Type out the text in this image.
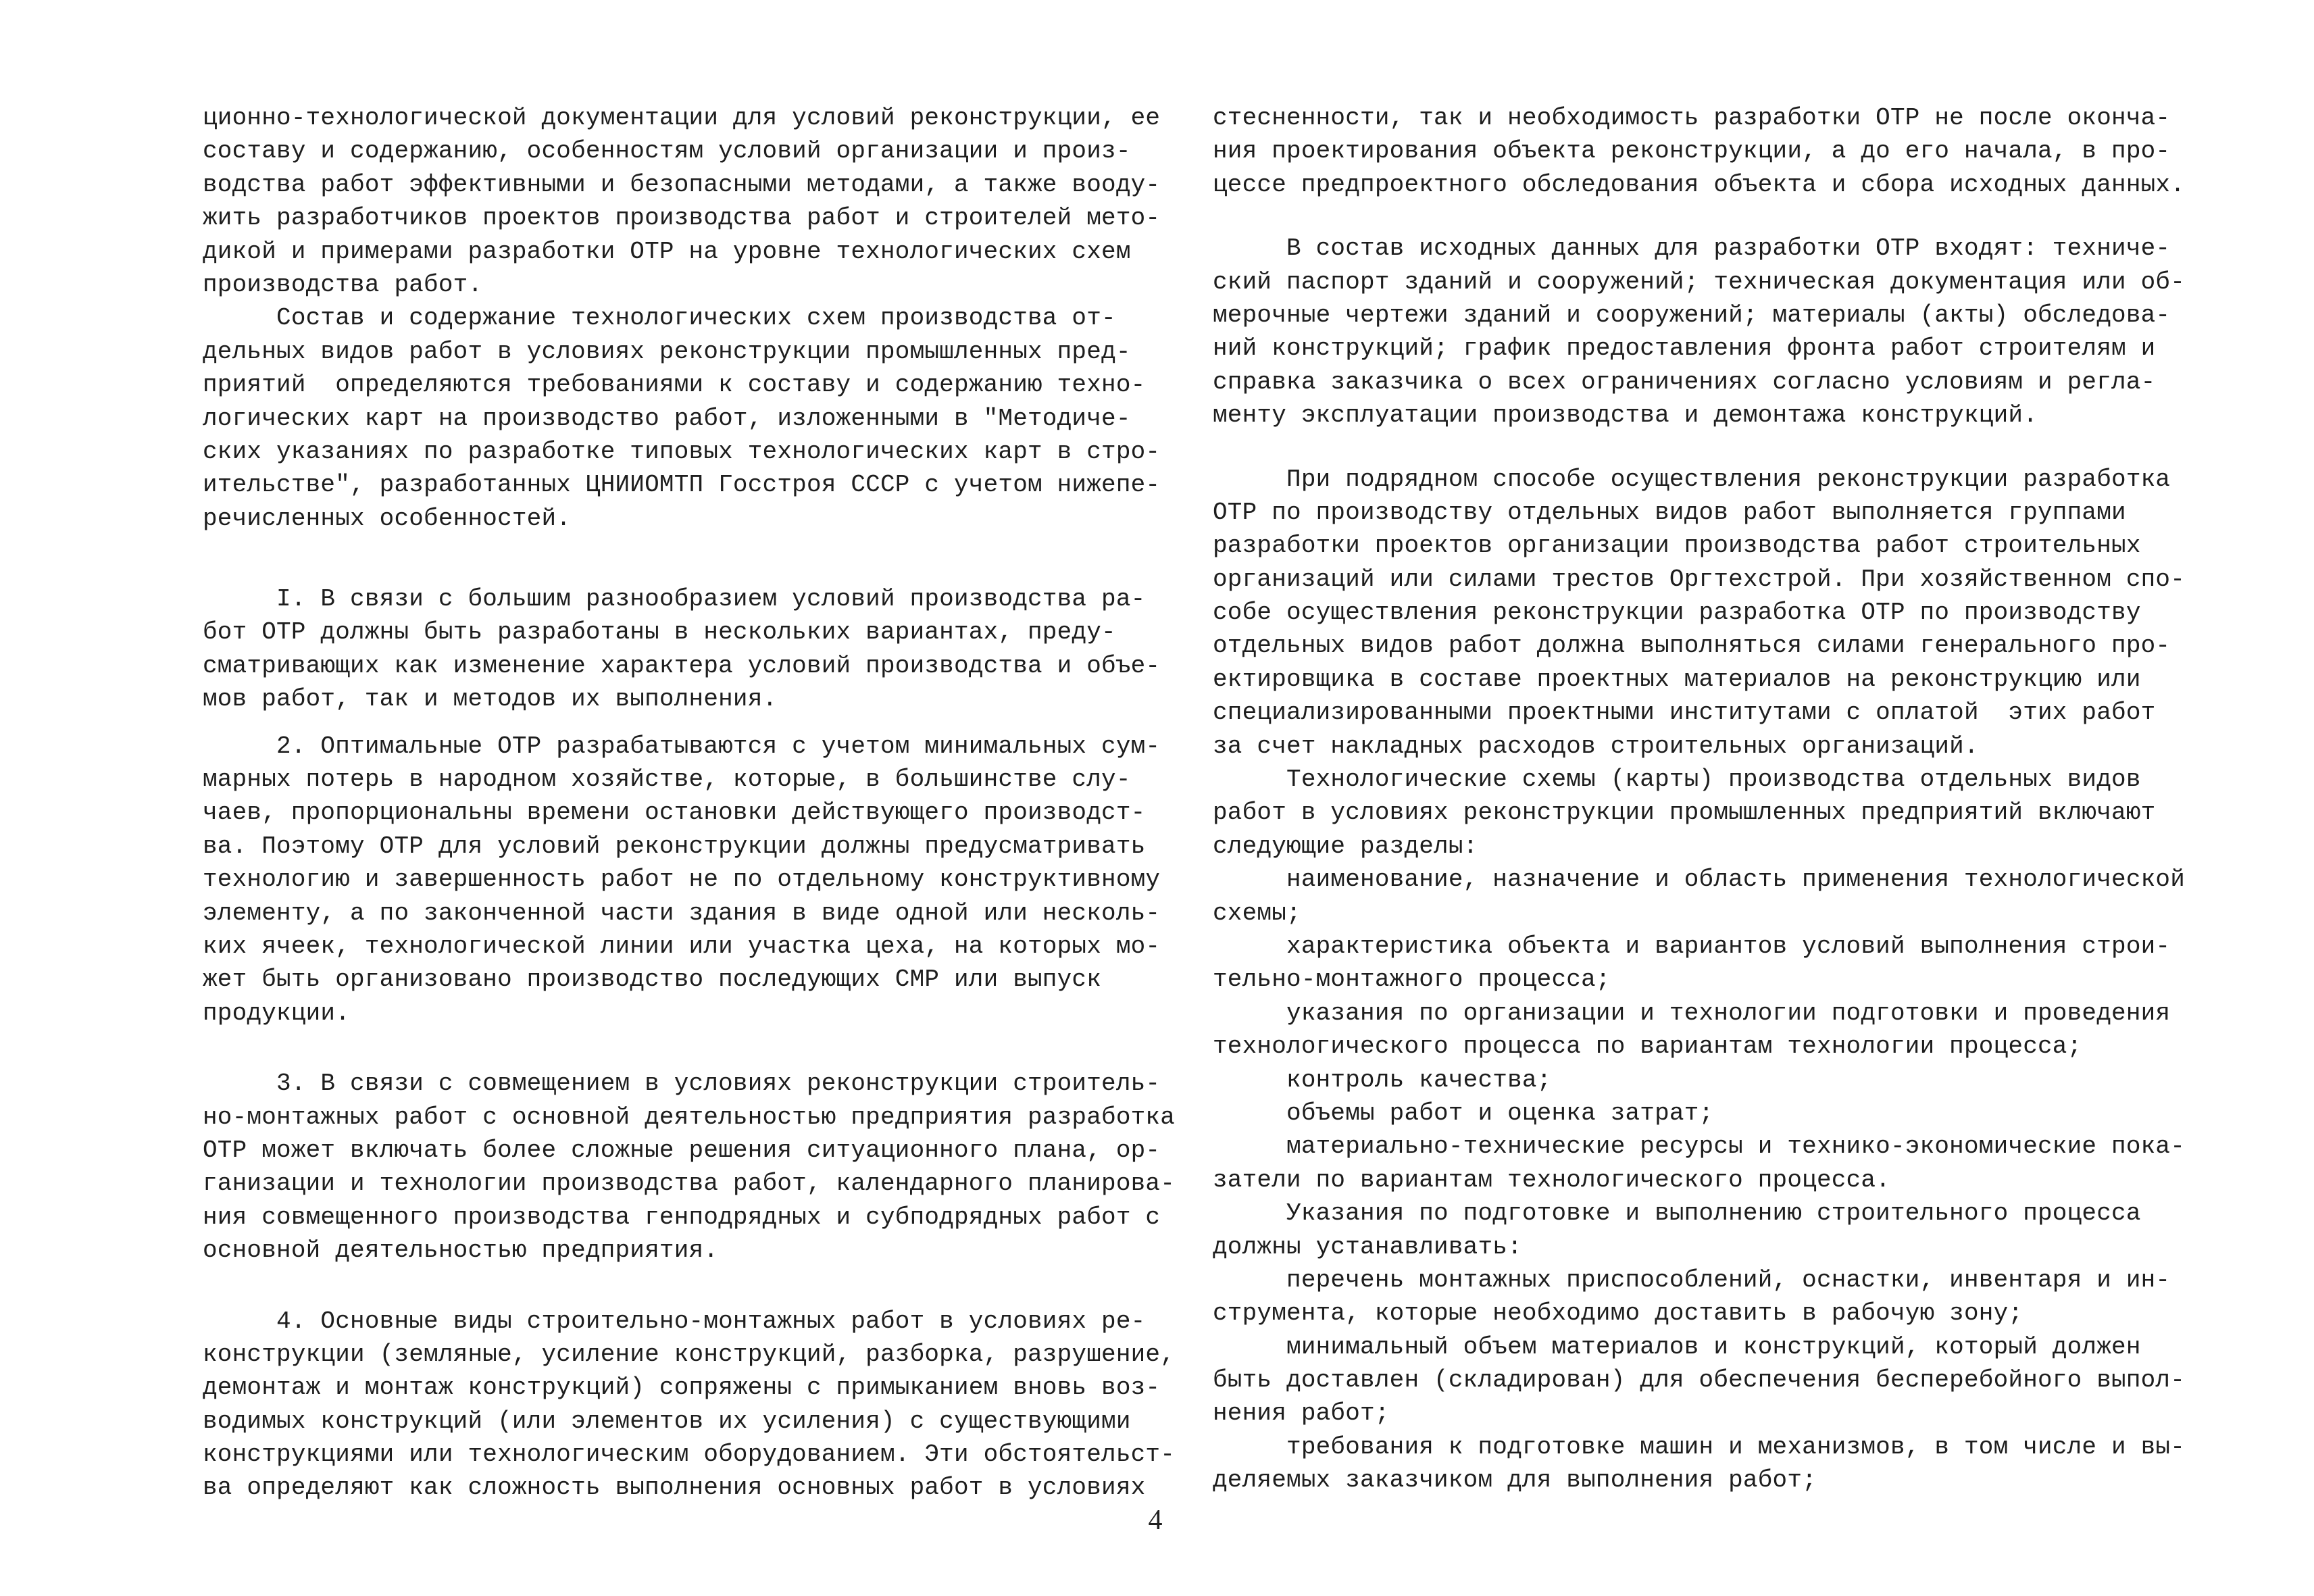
ционно-технологической документации для условий реконструкции, ее
составу и содержанию, особенностям условий организации и произ-
водства работ эффективными и безопасными методами, а также вооду-
жить разработчиков проектов производства работ и строителей мето-
дикой и примерами разработки ОТР на уровне технологических схем
производства работ.
Состав и содержание технологических схем производства от-
дельных видов работ в условиях реконструкции промышленных пред-
приятий  определяются требованиями к составу и содержанию техно-
логических карт на производство работ, изложенными в "Методиче-
ских указаниях по разработке типовых технологических карт в стро-
ительстве", разработанных ЦНИИОМТП Госстроя СССР с учетом нижепе-
речисленных особенностей.
I. В связи с большим разнообразием условий производства ра-
бот ОТР должны быть разработаны в нескольких вариантах, преду-
сматривающих как изменение характера условий производства и объе-
мов работ, так и методов их выполнения.
2. Оптимальные ОТР разрабатываются с учетом минимальных сум-
марных потерь в народном хозяйстве, которые, в большинстве слу-
чаев, пропорциональны времени остановки действующего производст-
ва. Поэтому ОТР для условий реконструкции должны предусматривать
технологию и завершенность работ не по отдельному конструктивному
элементу, а по законченной части здания в виде одной или несколь-
ких ячеек, технологической линии или участка цеха, на которых мо-
жет быть организовано производство последующих СМР или выпуск
продукции.
3. В связи с совмещением в условиях реконструкции строитель-
но-монтажных работ с основной деятельностью предприятия разработка
ОТР может включать более сложные решения ситуационного плана, ор-
ганизации и технологии производства работ, календарного планирова-
ния совмещенного производства генподрядных и субподрядных работ с
основной деятельностью предприятия.
4. Основные виды строительно-монтажных работ в условиях ре-
конструкции (земляные, усиление конструкций, разборка, разрушение,
демонтаж и монтаж конструкций) сопряжены с примыканием вновь воз-
водимых конструкций (или элементов их усиления) с существующими
конструкциями или технологическим оборудованием. Эти обстоятельст-
ва определяют как сложность выполнения основных работ в условиях
стесненности, так и необходимость разработки ОТР не после оконча-
ния проектирования объекта реконструкции, а до его начала, в про-
цессе предпроектного обследования объекта и сбора исходных данных.
В состав исходных данных для разработки ОТР входят: техниче-
ский паспорт зданий и сооружений; техническая документация или об-
мерочные чертежи зданий и сооружений; материалы (акты) обследова-
ний конструкций; график предоставления фронта работ строителям и
справка заказчика о всех ограничениях согласно условиям и регла-
менту эксплуатации производства и демонтажа конструкций.
При подрядном способе осуществления реконструкции разработка
ОТР по производству отдельных видов работ выполняется группами
разработки проектов организации производства работ строительных
организаций или силами трестов Оргтехстрой. При хозяйственном спо-
собе осуществления реконструкции разработка ОТР по производству
отдельных видов работ должна выполняться силами генерального про-
ектировщика в составе проектных материалов на реконструкцию или
специализированными проектными институтами с оплатой  этих работ
за счет накладных расходов строительных организаций.
Технологические схемы (карты) производства отдельных видов
работ в условиях реконструкции промышленных предприятий включают
следующие разделы:
наименование, назначение и область применения технологической
схемы;
характеристика объекта и вариантов условий выполнения строи-
тельно-монтажного процесса;
указания по организации и технологии подготовки и проведения
технологического процесса по вариантам технологии процесса;
контроль качества;
объемы работ и оценка затрат;
материально-технические ресурсы и технико-экономические пока-
затели по вариантам технологического процесса.
Указания по подготовке и выполнению строительного процесса
должны устанавливать:
перечень монтажных приспособлений, оснастки, инвентаря и ин-
струмента, которые необходимо доставить в рабочую зону;
минимальный объем материалов и конструкций, который должен
быть доставлен (складирован) для обеспечения бесперебойного выпол-
нения работ;
требования к подготовке машин и механизмов, в том числе и вы-
деляемых заказчиком для выполнения работ;
4
